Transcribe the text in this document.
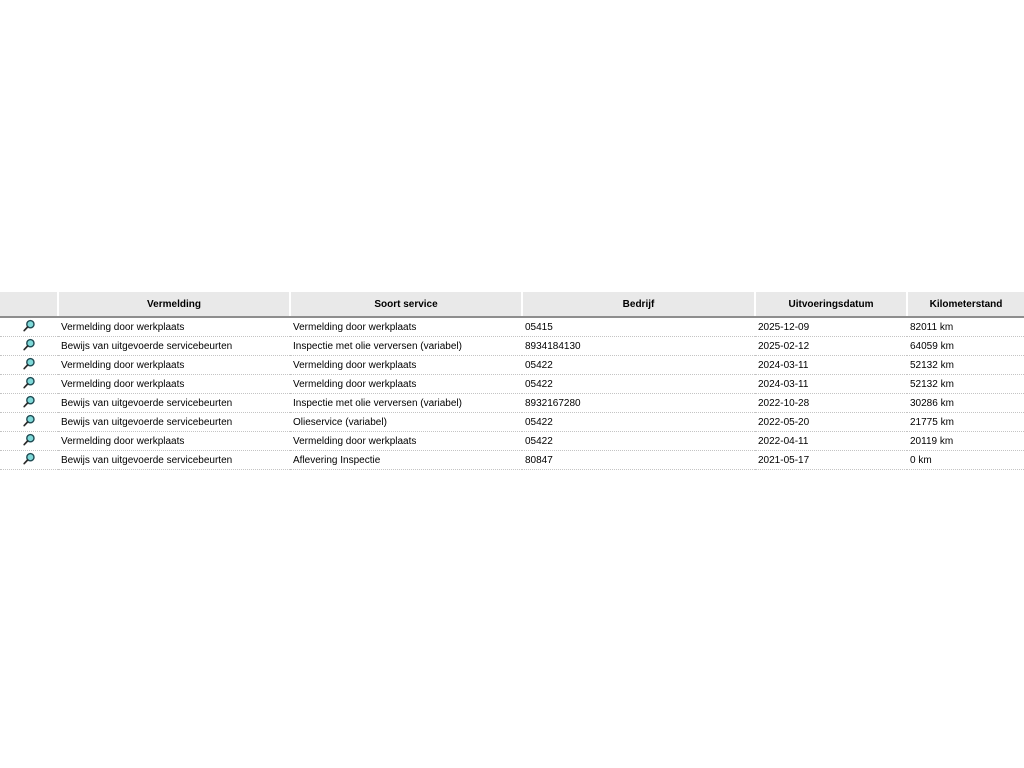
	Vermelding	Soort service	Bedrijf	Uitvoeringsdatum	Kilometerstand
	Vermelding door werkplaats	Vermelding door werkplaats	05415	2025-12-09	82011 km
	Bewijs van uitgevoerde servicebeurten	Inspectie met olie verversen (variabel)	8934184130	2025-02-12	64059 km
	Vermelding door werkplaats	Vermelding door werkplaats	05422	2024-03-11	52132 km
	Vermelding door werkplaats	Vermelding door werkplaats	05422	2024-03-11	52132 km
	Bewijs van uitgevoerde servicebeurten	Inspectie met olie verversen (variabel)	8932167280	2022-10-28	30286 km
	Bewijs van uitgevoerde servicebeurten	Olieservice (variabel)	05422	2022-05-20	21775 km
	Vermelding door werkplaats	Vermelding door werkplaats	05422	2022-04-11	20119 km
	Bewijs van uitgevoerde servicebeurten	Aflevering Inspectie	80847	2021-05-17	0 km
